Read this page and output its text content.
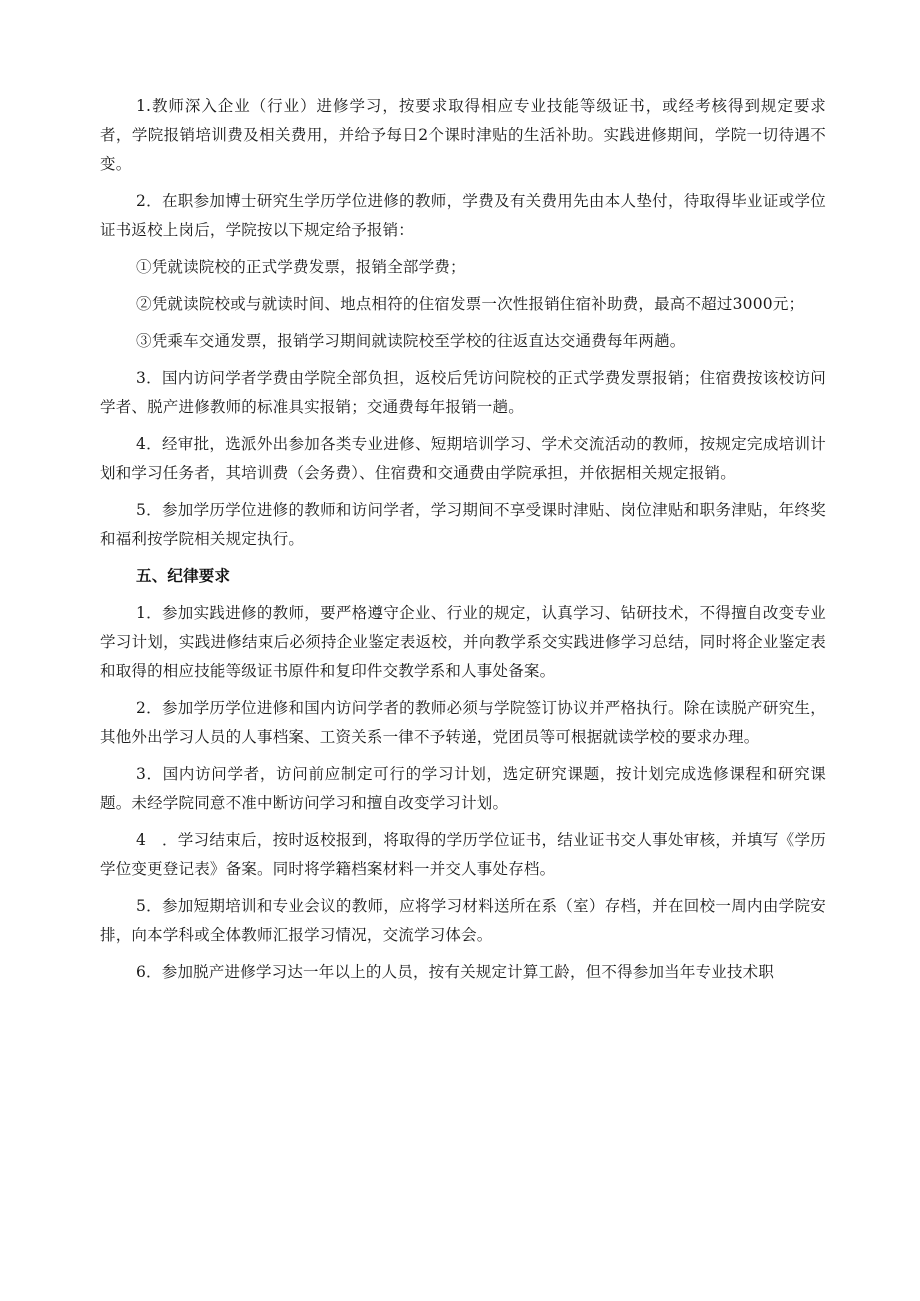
1.教师深入企业（行业）进修学习，按要求取得相应专业技能等级证书，或经考核得到规定要求者，学院报销培训费及相关费用，并给予每日2个课时津贴的生活补助。实践进修期间，学院一切待遇不变。

2．在职参加博士研究生学历学位进修的教师，学费及有关费用先由本人垫付，待取得毕业证或学位证书返校上岗后，学院按以下规定给予报销：

①凭就读院校的正式学费发票，报销全部学费；

②凭就读院校或与就读时间、地点相符的住宿发票一次性报销住宿补助费，最高不超过3000元；

③凭乘车交通发票，报销学习期间就读院校至学校的往返直达交通费每年两趟。

3．国内访问学者学费由学院全部负担，返校后凭访问院校的正式学费发票报销；住宿费按该校访问学者、脱产进修教师的标准具实报销；交通费每年报销一趟。

4．经审批，选派外出参加各类专业进修、短期培训学习、学术交流活动的教师，按规定完成培训计划和学习任务者，其培训费（会务费）、住宿费和交通费由学院承担，并依据相关规定报销。

5．参加学历学位进修的教师和访问学者，学习期间不享受课时津贴、岗位津贴和职务津贴，年终奖和福利按学院相关规定执行。

五、纪律要求

1．参加实践进修的教师，要严格遵守企业、行业的规定，认真学习、钻研技术，不得擅自改变专业学习计划，实践进修结束后必须持企业鉴定表返校，并向教学系交实践进修学习总结，同时将企业鉴定表和取得的相应技能等级证书原件和复印件交教学系和人事处备案。

2．参加学历学位进修和国内访问学者的教师必须与学院签订协议并严格执行。除在读脱产研究生，其他外出学习人员的人事档案、工资关系一律不予转递，党团员等可根据就读学校的要求办理。

3．国内访问学者，访问前应制定可行的学习计划，选定研究课题，按计划完成选修课程和研究课题。未经学院同意不准中断访问学习和擅自改变学习计划。

4　．学习结束后，按时返校报到，将取得的学历学位证书，结业证书交人事处审核，并填写《学历学位变更登记表》备案。同时将学籍档案材料一并交人事处存档。

5．参加短期培训和专业会议的教师，应将学习材料送所在系（室）存档，并在回校一周内由学院安排，向本学科或全体教师汇报学习情况，交流学习体会。

6．参加脱产进修学习达一年以上的人员，按有关规定计算工龄，但不得参加当年专业技术职
